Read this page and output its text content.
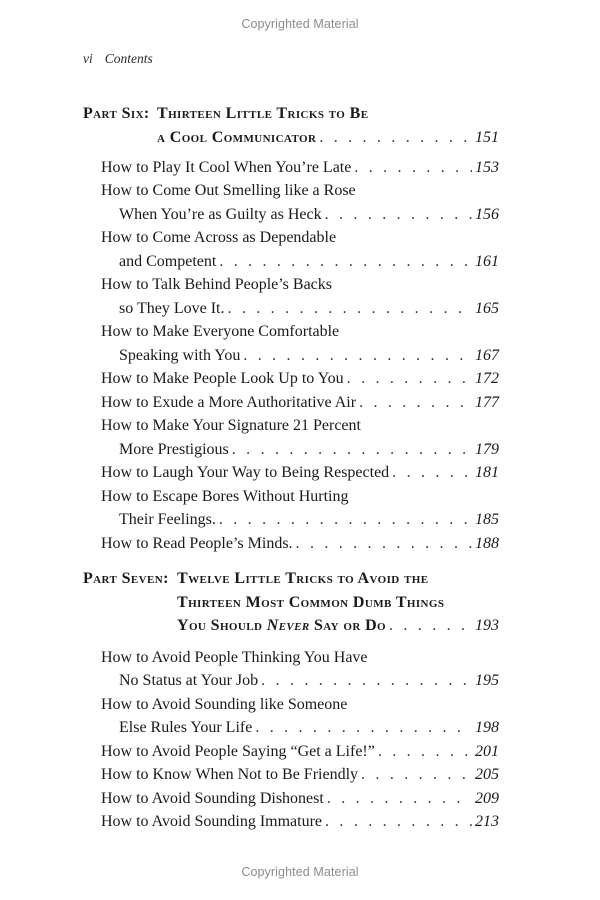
Copyrighted Material
vi Contents
Part Six: Thirteen Little Tricks to Be
a Cool Communicator . . .	151
How to Play It Cool When You’re Late . . .	153
How to Come Out Smelling like a Rose
When You’re as Guilty as Heck . . .	156
How to Come Across as Dependable
and Competent . . .	161
How to Talk Behind People’s Backs
so They Love It. . . .	165
How to Make Everyone Comfortable
Speaking with You . . .	167
How to Make People Look Up to You . . .	172
How to Exude a More Authoritative Air . . .	177
How to Make Your Signature 21 Percent
More Prestigious . . .	179
How to Laugh Your Way to Being Respected . . .	181
How to Escape Bores Without Hurting
Their Feelings. . . .	185
How to Read People’s Minds. . . .	188
Part Seven: Twelve Little Tricks to Avoid the
Thirteen Most Common Dumb Things
You Should Never Say or Do . . .	193
How to Avoid People Thinking You Have
No Status at Your Job . . .	195
How to Avoid Sounding like Someone
Else Rules Your Life . . .	198
How to Avoid People Saying “Get a Life!” . . .	201
How to Know When Not to Be Friendly . . .	205
How to Avoid Sounding Dishonest . . .	209
How to Avoid Sounding Immature . . .	213
Copyrighted Material
